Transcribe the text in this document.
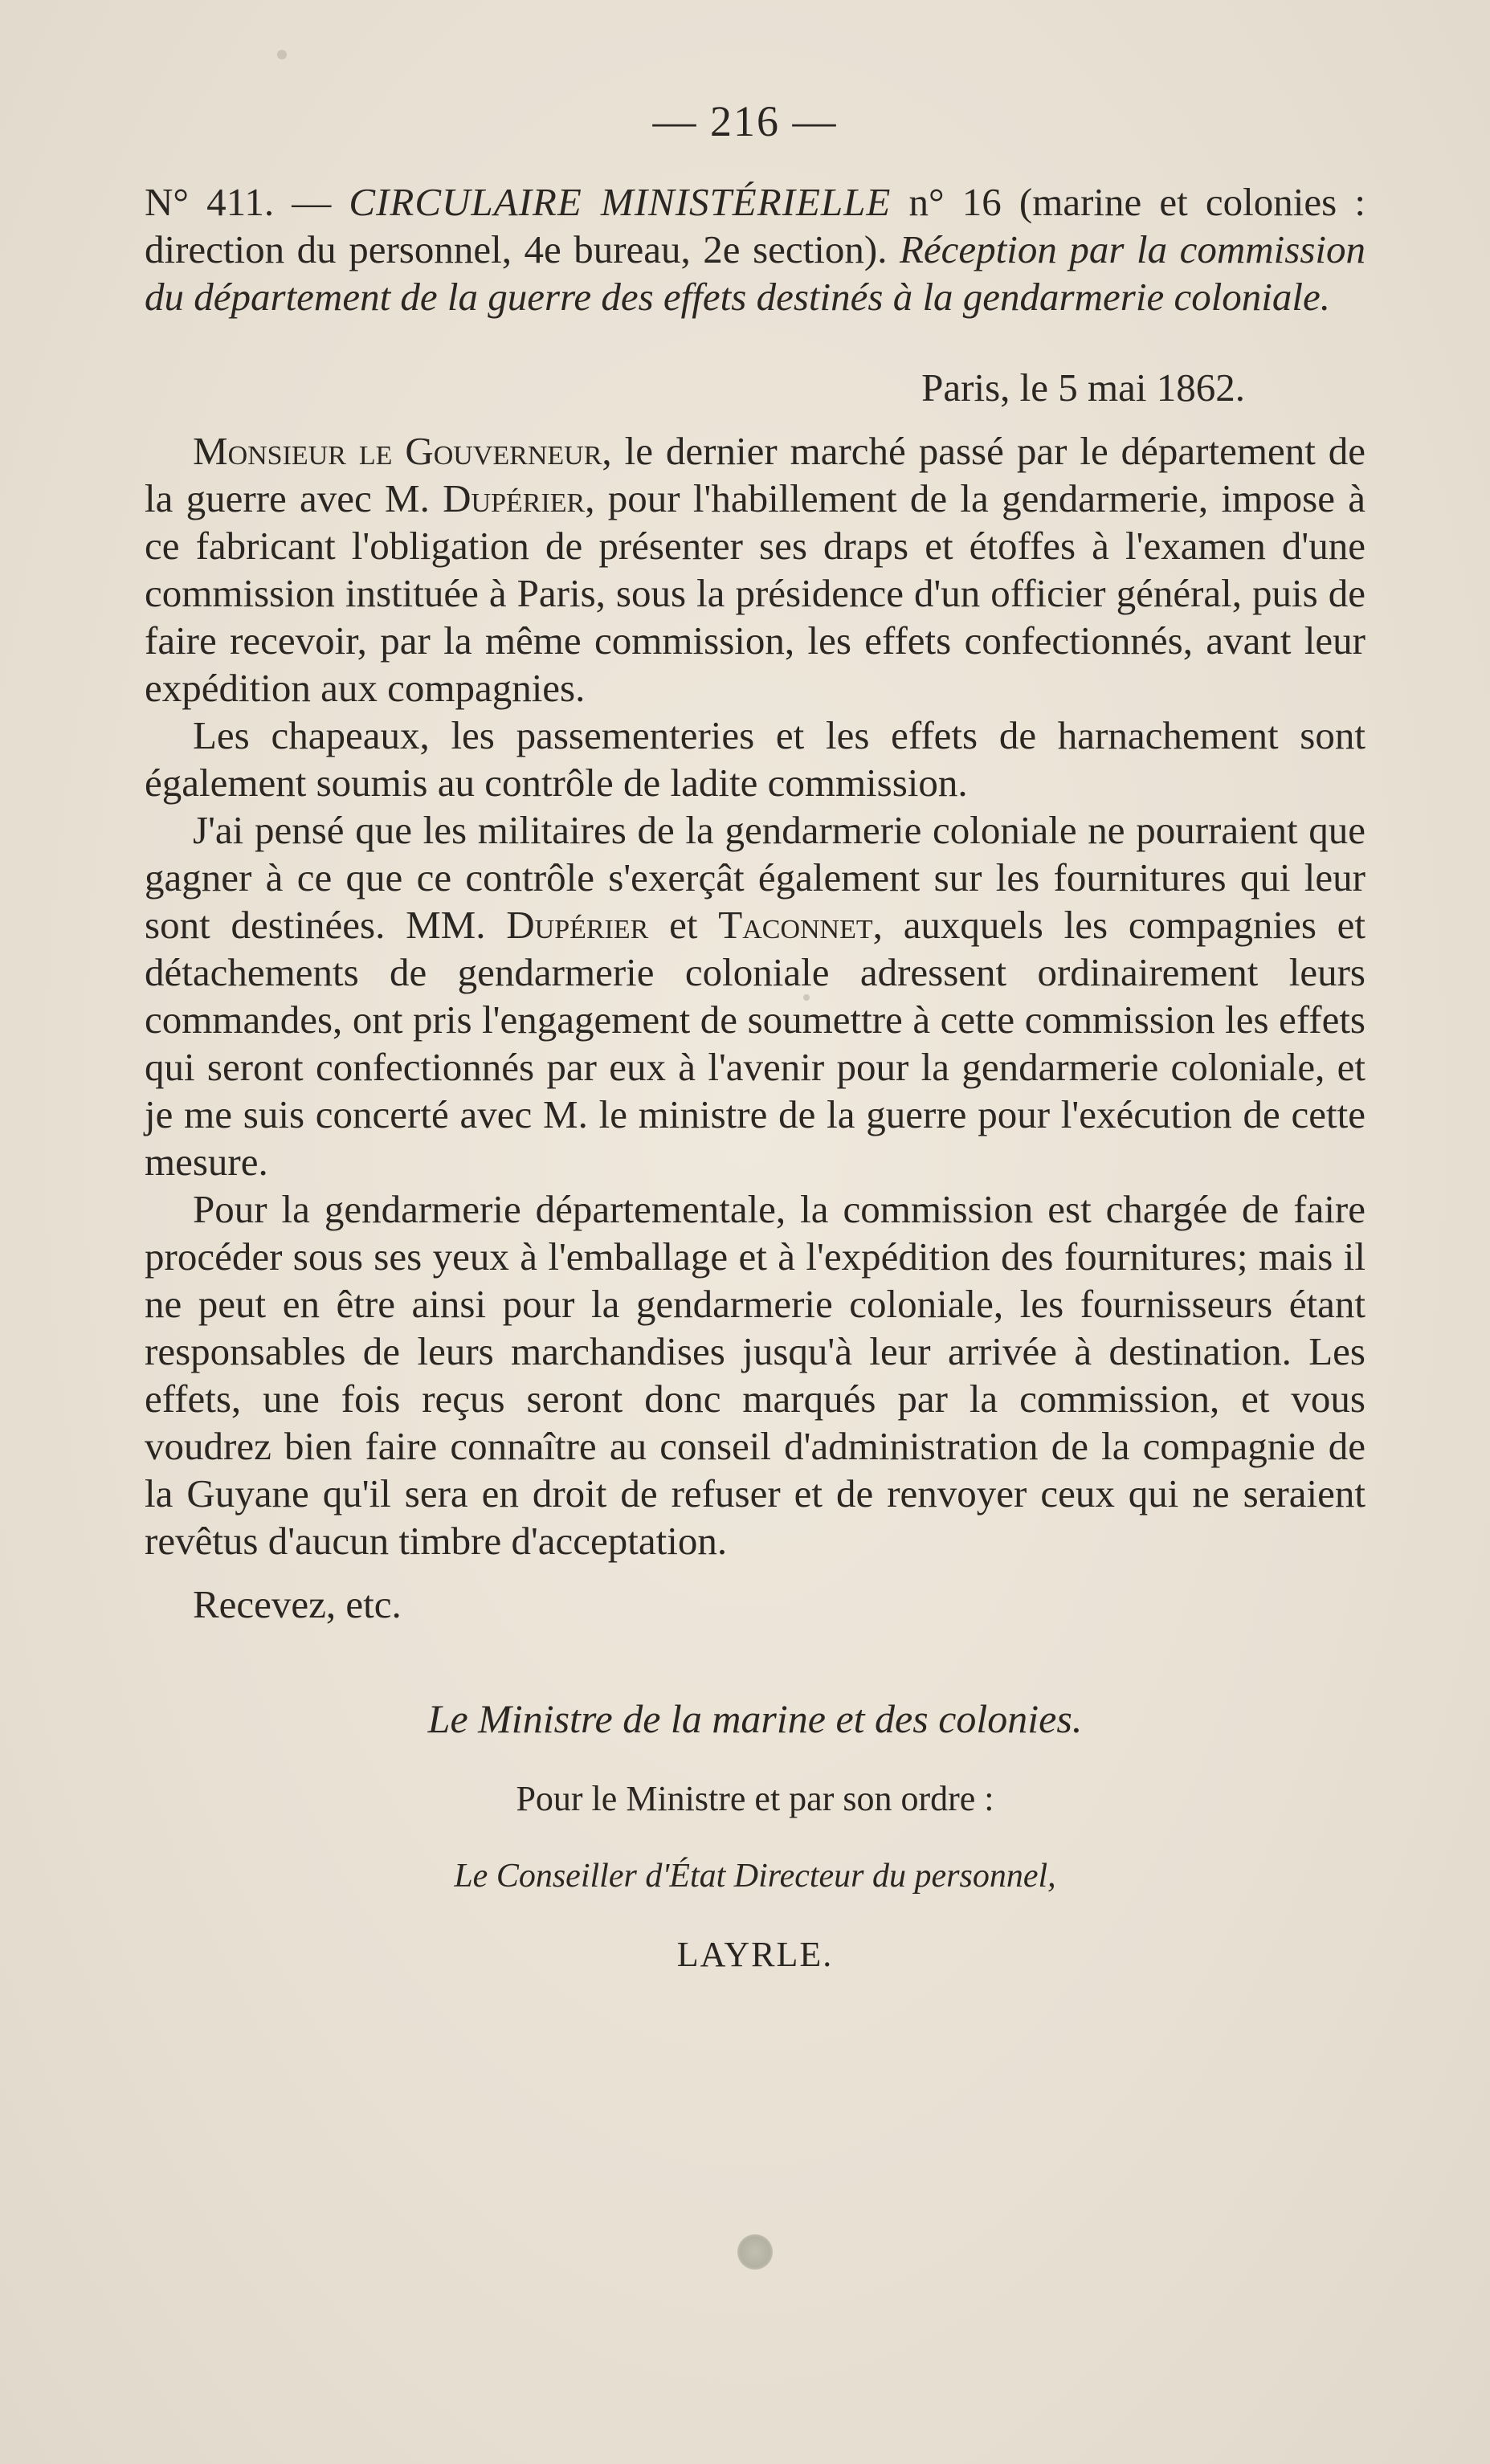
— 216 —

N° 411. — CIRCULAIRE MINISTÉRIELLE n° 16 (marine et colonies : direction du personnel, 4e bureau, 2e section). Réception par la commission du département de la guerre des effets destinés à la gendarmerie coloniale.

Paris, le 5 mai 1862.

Monsieur le Gouverneur, le dernier marché passé par le département de la guerre avec M. Dupérier, pour l'habillement de la gendarmerie, impose à ce fabricant l'obligation de présenter ses draps et étoffes à l'examen d'une commission instituée à Paris, sous la présidence d'un officier général, puis de faire recevoir, par la même commission, les effets confectionnés, avant leur expédition aux compagnies.

Les chapeaux, les passementeries et les effets de harnachement sont également soumis au contrôle de ladite commission.

J'ai pensé que les militaires de la gendarmerie coloniale ne pourraient que gagner à ce que ce contrôle s'exerçât également sur les fournitures qui leur sont destinées. MM. Dupérier et Taconnet, auxquels les compagnies et détachements de gendarmerie coloniale adressent ordinairement leurs commandes, ont pris l'engagement de soumettre à cette commission les effets qui seront confectionnés par eux à l'avenir pour la gendarmerie coloniale, et je me suis concerté avec M. le ministre de la guerre pour l'exécution de cette mesure.

Pour la gendarmerie départementale, la commission est chargée de faire procéder sous ses yeux à l'emballage et à l'expédition des fournitures; mais il ne peut en être ainsi pour la gendarmerie coloniale, les fournisseurs étant responsables de leurs marchandises jusqu'à leur arrivée à destination. Les effets, une fois reçus seront donc marqués par la commission, et vous voudrez bien faire connaître au conseil d'administration de la compagnie de la Guyane qu'il sera en droit de refuser et de renvoyer ceux qui ne seraient revêtus d'aucun timbre d'acceptation.

Recevez, etc.

Le Ministre de la marine et des colonies.
Pour le Ministre et par son ordre :
Le Conseiller d'État Directeur du personnel,
LAYRLE.
